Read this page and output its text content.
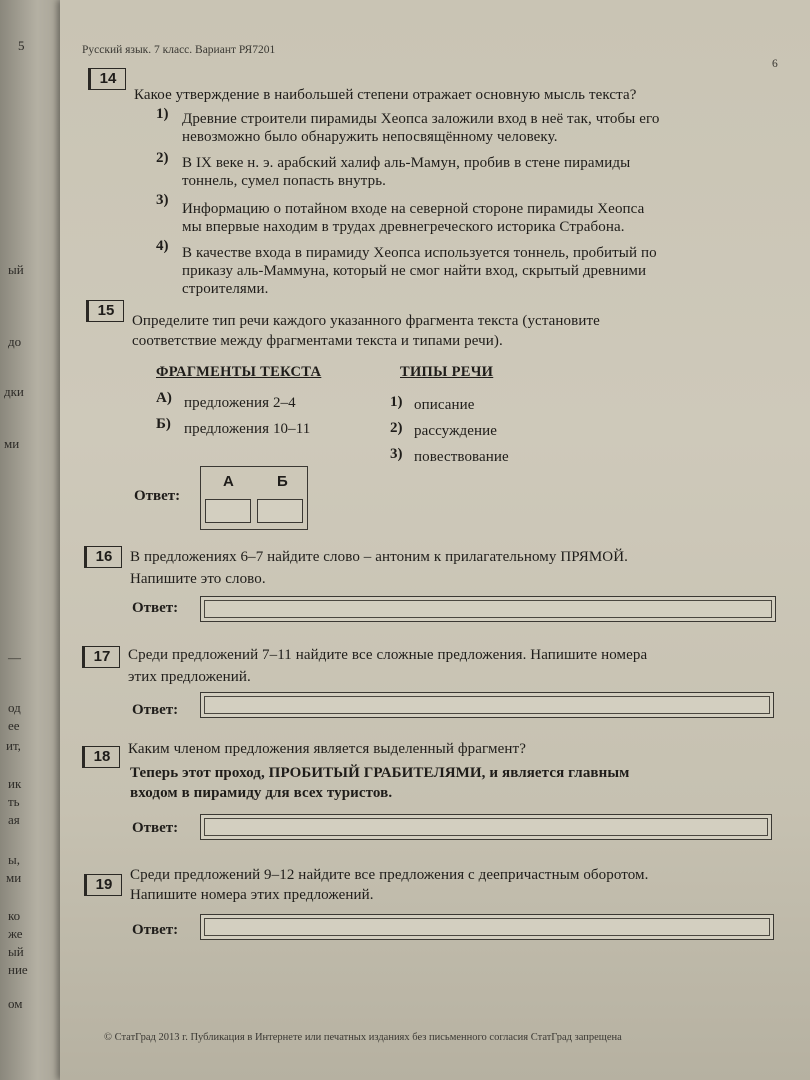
5
ый
до
дки
ми
—
од
ее
ит,
ик
ть
ая
ы,
ми
ко
же
ый
ние
ом
Русский язык. 7 класс. Вариант РЯ7201
6
14
Какое утверждение в наибольшей степени отражает основную мысль текста?
1) Древние строители пирамиды Хеопса заложили вход в неё так, чтобы его
невозможно было обнаружить непосвящённому человеку.
2) В IX веке н. э. арабский халиф аль-Мамун, пробив в стене пирамиды
тоннель, сумел попасть внутрь.
3)
Информацию о потайном входе на северной стороне пирамиды Хеопса
мы впервые находим в трудах древнегреческого историка Страбона.
4) В качестве входа в пирамиду Хеопса используется тоннель, пробитый по
приказу аль-Маммуна, который не смог найти вход, скрытый древними
строителями.
15
Определите тип речи каждого указанного фрагмента текста (установите
соответствие между фрагментами текста и типами речи).
ФРАГМЕНТЫ ТЕКСТА	ТИПЫ РЕЧИ
А) предложения 2–4
Б) предложения 10–11
1) описание
2) рассуждение
3) повествование
Ответ:
А	Б
16	В предложениях 6–7 найдите слово – антоним к прилагательному ПРЯМОЙ.
Напишите это слово.
Ответ:
17	Среди предложений 7–11 найдите все сложные предложения. Напишите номера
этих предложений.
Ответ:
18	Каким членом предложения является выделенный фрагмент?
Теперь этот проход, ПРОБИТЫЙ ГРАБИТЕЛЯМИ, и является главным
входом в пирамиду для всех туристов.
Ответ:
19
Среди предложений 9–12 найдите все предложения с деепричастным оборотом.
Напишите номера этих предложений.
Ответ:
© СтатГрад 2013 г. Публикация в Интернете или печатных изданиях без письменного согласия СтатГрад запрещена
